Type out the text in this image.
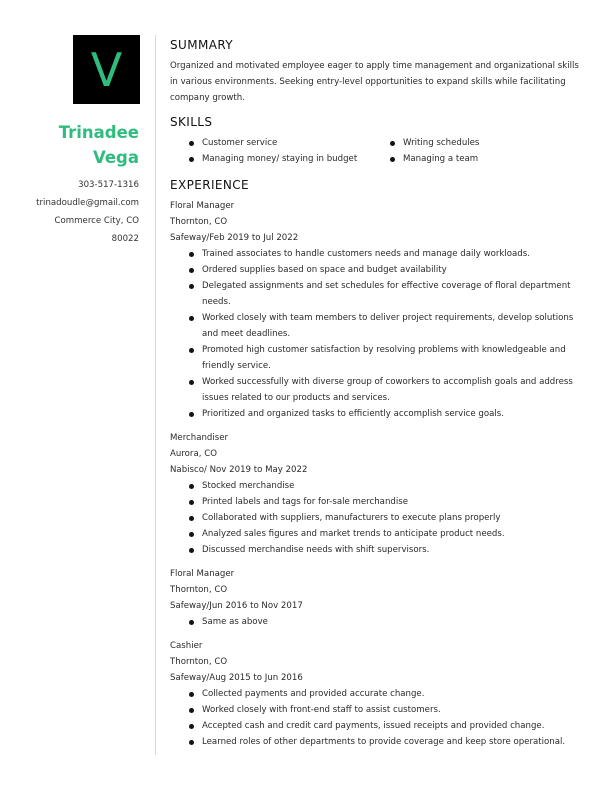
V
Trinadee
Vega
303-517-1316
trinadoudle@gmail.com
Commerce City, CO
80022
SUMMARY
Organized and motivated employee eager to apply time management and organizational skills in various environments. Seeking entry-level opportunities to expand skills while facilitating company growth.
SKILLS
Customer service
Managing money/ staying in budget
Writing schedules
Managing a team
EXPERIENCE
Floral Manager
Thornton, CO
Safeway/Feb 2019 to Jul 2022
Trained associates to handle customers needs and manage daily workloads.
Ordered supplies based on space and budget availability
Delegated assignments and set schedules for effective coverage of floral department needs.
Worked closely with team members to deliver project requirements, develop solutions and meet deadlines.
Promoted high customer satisfaction by resolving problems with knowledgeable and friendly service.
Worked successfully with diverse group of coworkers to accomplish goals and address issues related to our products and services.
Prioritized and organized tasks to efficiently accomplish service goals.
Merchandiser
Aurora, CO
Nabisco/ Nov 2019 to May 2022
Stocked merchandise
Printed labels and tags for for-sale merchandise
Collaborated with suppliers, manufacturers to execute plans properly
Analyzed sales figures and market trends to anticipate product needs.
Discussed merchandise needs with shift supervisors.
Floral Manager
Thornton, CO
Safeway/Jun 2016 to Nov 2017
Same as above
Cashier
Thornton, CO
Safeway/Aug 2015 to Jun 2016
Collected payments and provided accurate change.
Worked closely with front-end staff to assist customers.
Accepted cash and credit card payments, issued receipts and provided change.
Learned roles of other departments to provide coverage and keep store operational.
